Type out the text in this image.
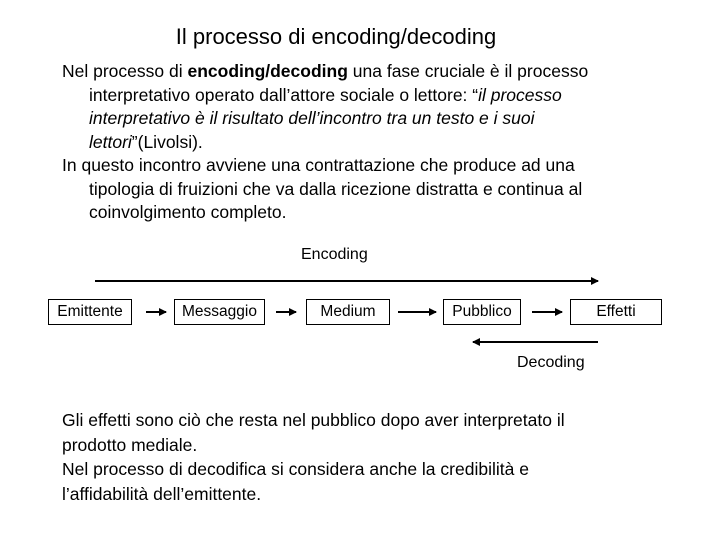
Il processo di encoding/decoding
Nel processo di encoding/decoding una fase cruciale è il processo
interpretativo operato dall’attore sociale o lettore: “il processo
interpretativo è il risultato dell’incontro tra un testo e i suoi
lettori”(Livolsi).
In questo incontro avviene una contrattazione che produce ad una
tipologia di fruizioni che va dalla ricezione distratta e continua al
coinvolgimento completo.
Encoding
Decoding
Emittente	Messaggio	Medium	Pubblico	Effetti
Gli effetti sono ciò che resta nel pubblico dopo aver interpretato il
prodotto mediale.
Nel processo di decodifica si considera anche la credibilità e
l’affidabilità dell’emittente.
